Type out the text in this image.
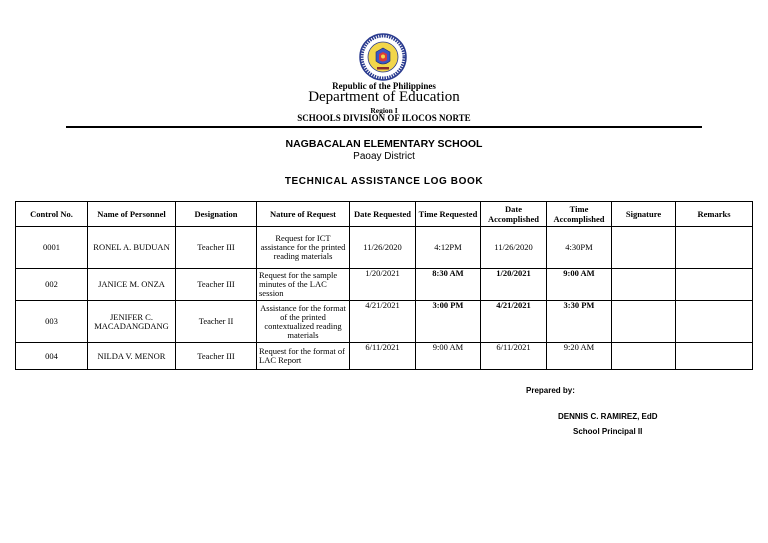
Republic of the Philippines
Department of Education
Region I
SCHOOLS DIVISION OF ILOCOS NORTE
NAGBACALAN ELEMENTARY SCHOOL
Paoay District
TECHNICAL ASSISTANCE LOG BOOK
Control No.	Name of Personnel	Designation	Nature of Request	Date Requested	Time Requested	Date Accomplished	Time Accomplished	Signature	Remarks
0001	RONEL A. BUDUAN	Teacher III	Request for ICT assistance for the printed reading materials	11/26/2020	4:12PM	11/26/2020	4:30PM		
002	JANICE M. ONZA	Teacher III	Request for the sample minutes of the LAC session	1/20/2021	8:30 AM	1/20/2021	9:00 AM		
003	JENIFER C. MACADANGDANG	Teacher II	Assistance for the format of the printed contextualized reading materials	4/21/2021	3:00 PM	4/21/2021	3:30 PM		
004	NILDA V. MENOR	Teacher III	Request for the format of LAC Report	6/11/2021	9:00 AM	6/11/2021	9:20 AM		
Prepared by:
DENNIS C. RAMIREZ, EdD
School Principal II
